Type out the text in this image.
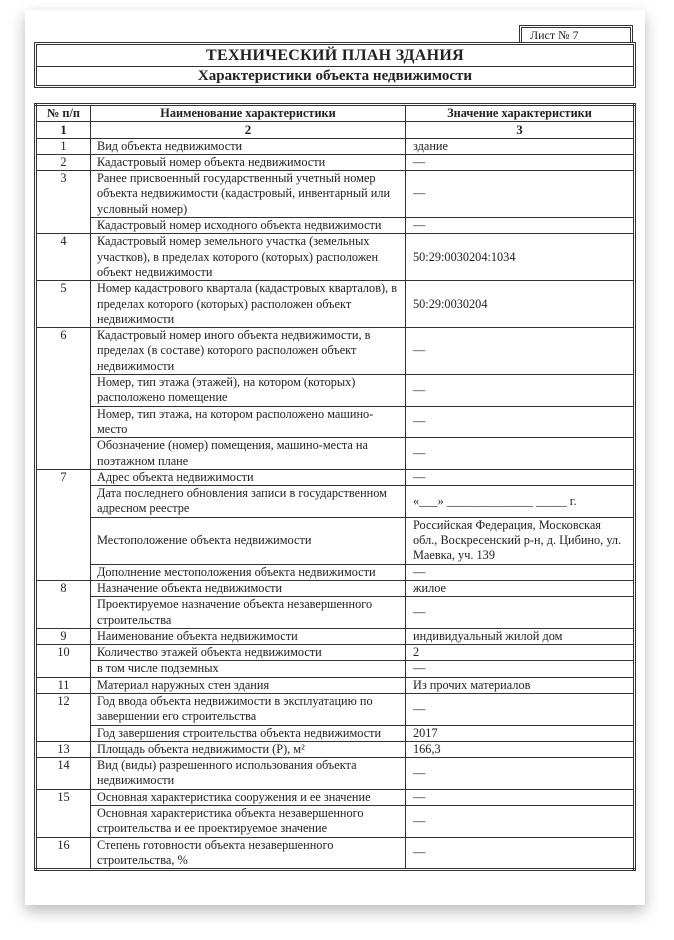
Лист № 7
ТЕХНИЧЕСКИЙ ПЛАН ЗДАНИЯ
Характеристики объекта недвижимости
№ п/п	Наименование характеристики	Значение характеристики
1	2	3
1	Вид объекта недвижимости	здание
2	Кадастровый номер объекта недвижимости	—
3	Ранее присвоенный государственный учетный номер объекта недвижимости (кадастровый, инвентарный или условный номер)	—
	Кадастровый номер исходного объекта недвижимости	—
4	Кадастровый номер земельного участка (земельных участков), в пределах которого (которых) расположен объект недвижимости	50:29:0030204:1034
5	Номер кадастрового квартала (кадастровых кварталов), в пределах которого (которых) расположен объект недвижимости	50:29:0030204
6	Кадастровый номер иного объекта недвижимости, в пределах (в составе) которого расположен объект недвижимости	—
	Номер, тип этажа (этажей), на котором (которых) расположено помещение	—
	Номер, тип этажа, на котором расположено машино-место	—
	Обозначение (номер) помещения, машино-места на поэтажном плане	—
7	Адрес объекта недвижимости	—
	Дата последнего обновления записи в государственном адресном реестре	«___» ______________ _____ г.
	Местоположение объекта недвижимости	Российская Федерация, Московская обл., Воскресенский р-н, д. Цибино, ул. Маевка, уч. 139
	Дополнение местоположения объекта недвижимости	—
8	Назначение объекта недвижимости	жилое
	Проектируемое назначение объекта незавершенного строительства	—
9	Наименование объекта недвижимости	индивидуальный жилой дом
10	Количество этажей объекта недвижимости	2
	в том числе подземных	—
11	Материал наружных стен здания	Из прочих материалов
12	Год ввода объекта недвижимости в эксплуатацию по завершении его строительства	—
	Год завершения строительства объекта недвижимости	2017
13	Площадь объекта недвижимости (P), м²	166,3
14	Вид (виды) разрешенного использования объекта недвижимости	—
15	Основная характеристика сооружения и ее значение	—
	Основная характеристика объекта незавершенного строительства и ее проектируемое значение	—
16	Степень готовности объекта незавершенного строительства, %	—
